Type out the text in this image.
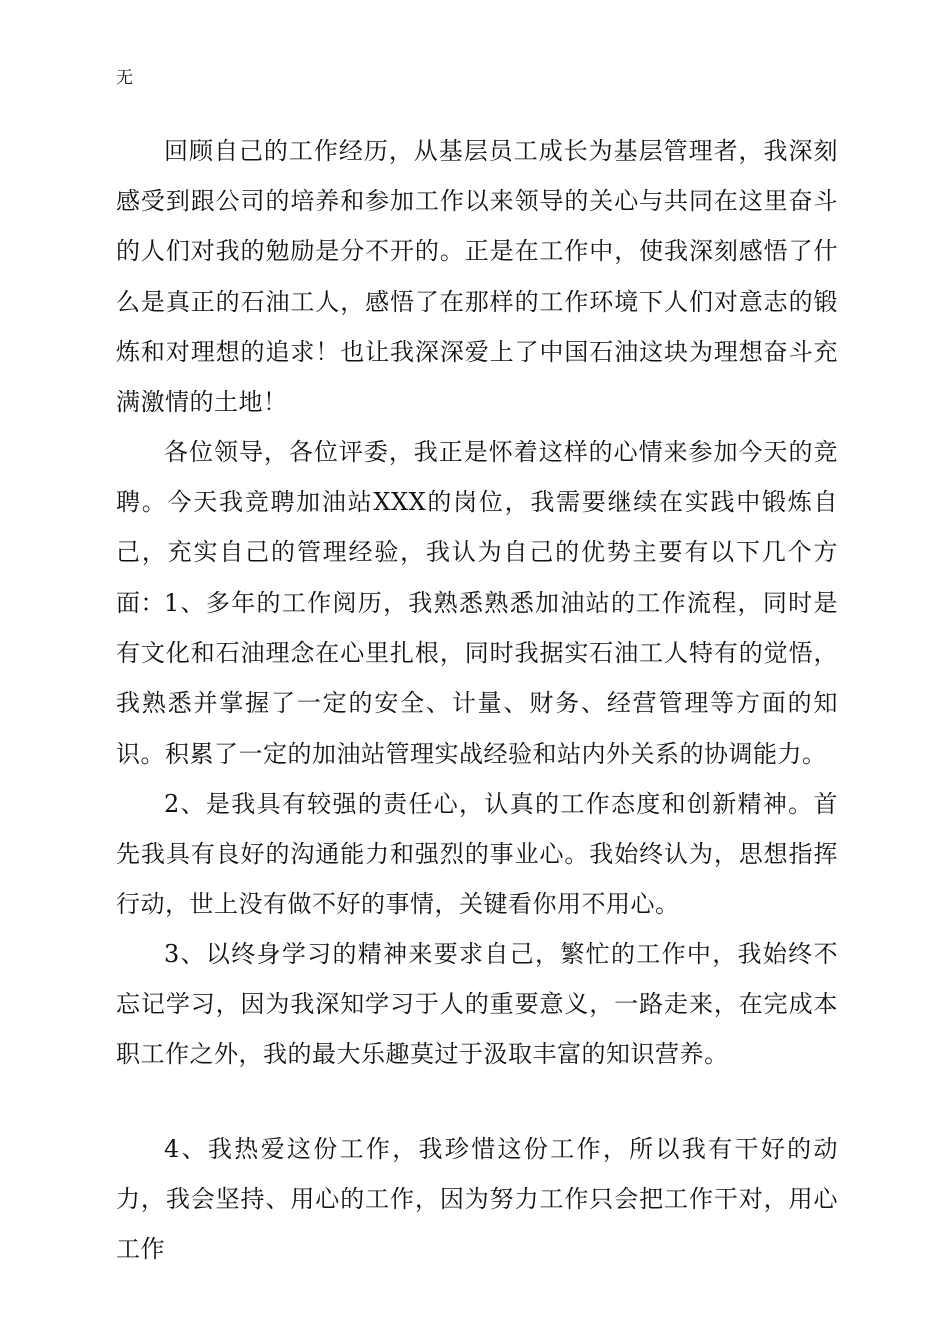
无

回顾自己的工作经历，从基层员工成长为基层管理者，我深刻感受到跟公司的培养和参加工作以来领导的关心与共同在这里奋斗的人们对我的勉励是分不开的。正是在工作中，使我深刻感悟了什么是真正的石油工人，感悟了在那样的工作环境下人们对意志的锻炼和对理想的追求！也让我深深爱上了中国石油这块为理想奋斗充满激情的土地！

各位领导，各位评委，我正是怀着这样的心情来参加今天的竞聘。今天我竞聘加油站XXX的岗位，我需要继续在实践中锻炼自己，充实自己的管理经验，我认为自己的优势主要有以下几个方面： 1、多年的工作阅历，我熟悉熟悉加油站的工作流程，同时是有文化和石油理念在心里扎根，同时我据实石油工人特有的觉悟，我熟悉并掌握了一定的安全、计量、财务、经营管理等方面的知识。积累了一定的加油站管理实战经验和站内外关系的协调能力。

2、是我具有较强的责任心，认真的工作态度和创新精神。首先我具有良好的沟通能力和强烈的事业心。我始终认为，思想指挥行动，世上没有做不好的事情，关键看你用不用心。

3、以终身学习的精神来要求自己，繁忙的工作中，我始终不忘记学习，因为我深知学习于人的重要意义，一路走来，在完成本职工作之外，我的最大乐趣莫过于汲取丰富的知识营养。

4、我热爱这份工作，我珍惜这份工作，所以我有干好的动力，我会坚持、用心的工作，因为努力工作只会把工作干对，用心工作
